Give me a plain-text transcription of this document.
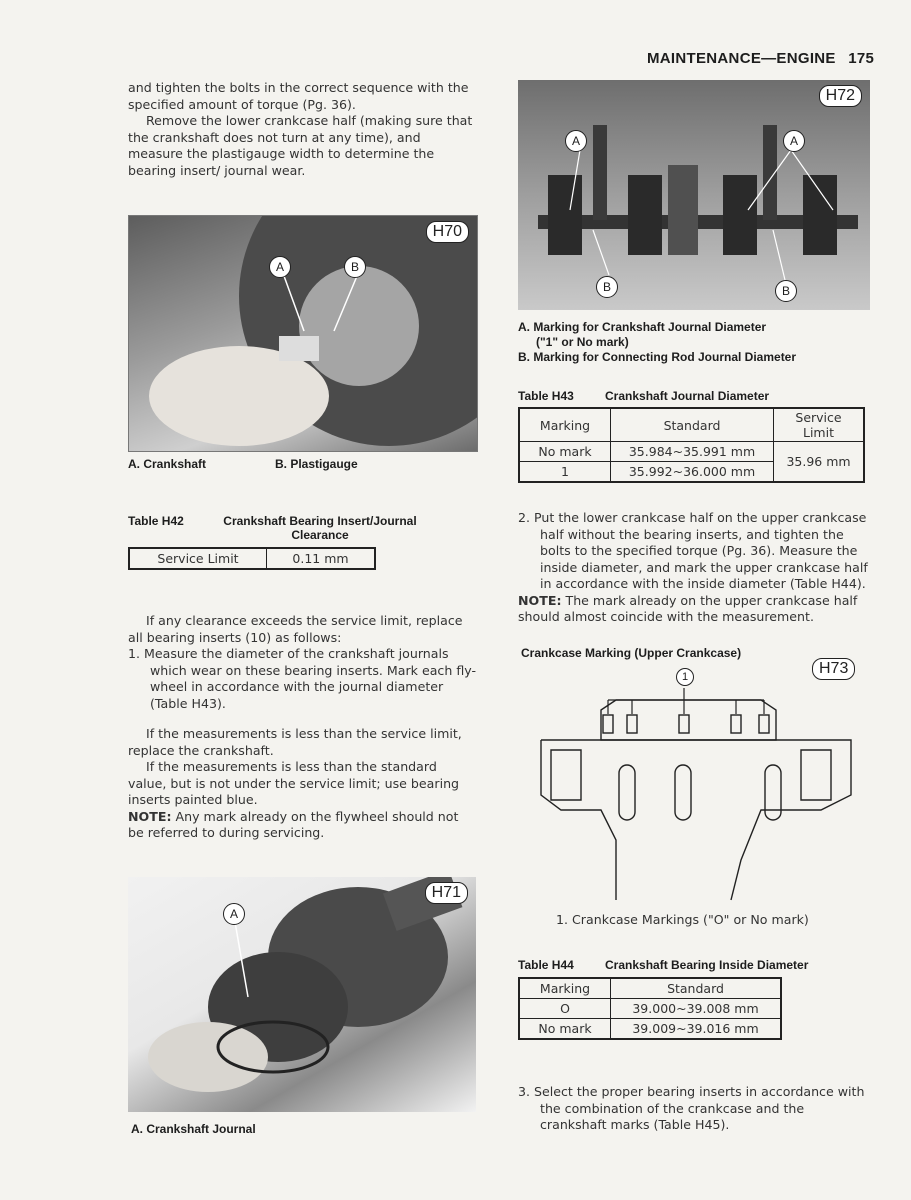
MAINTENANCE—ENGINE 175
and tighten the bolts in the correct sequence with the specified amount of torque (Pg. 36).
Remove the lower crankcase half (making sure that the crankshaft does not turn at any time), and measure the plastigauge width to determine the bearing insert/ journal wear.
H70
A	B
A. Crankshaft	B. Plastigauge
Table H42	Crankshaft Bearing Insert/Journal
Clearance
Service Limit	0.11 mm
If any clearance exceeds the service limit, replace all bearing inserts (10) as follows:
1. Measure the diameter of the crankshaft journals which wear on these bearing inserts. Mark each fly-wheel in accordance with the journal diameter (Table H43).
If the measurements is less than the service limit, replace the crankshaft.
If the measurements is less than the standard value, but is not under the service limit; use bearing inserts painted blue.
NOTE: Any mark already on the flywheel should not be referred to during servicing.
H71
A
A. Crankshaft Journal
H72
A	A
B	B
A. Marking for Crankshaft Journal Diameter
("1" or No mark)
B. Marking for Connecting Rod Journal Diameter
Table H43	Crankshaft Journal Diameter
Marking	Standard	Service Limit
No mark	35.984~35.991 mm	35.96 mm
1	35.992~36.000 mm	
2. Put the lower crankcase half on the upper crankcase half without the bearing inserts, and tighten the bolts to the specified torque (Pg. 36). Measure the inside diameter, and mark the upper crankcase half in accordance with the inside diameter (Table H44).
NOTE: The mark already on the upper crankcase half should almost coincide with the measurement.
Crankcase Marking (Upper Crankcase)
H73
1
1. Crankcase Markings ("O" or No mark)
Table H44	Crankshaft Bearing Inside Diameter
Marking	Standard
O	39.000~39.008 mm
No mark	39.009~39.016 mm
3. Select the proper bearing inserts in accordance with the combination of the crankcase and the crankshaft marks (Table H45).
